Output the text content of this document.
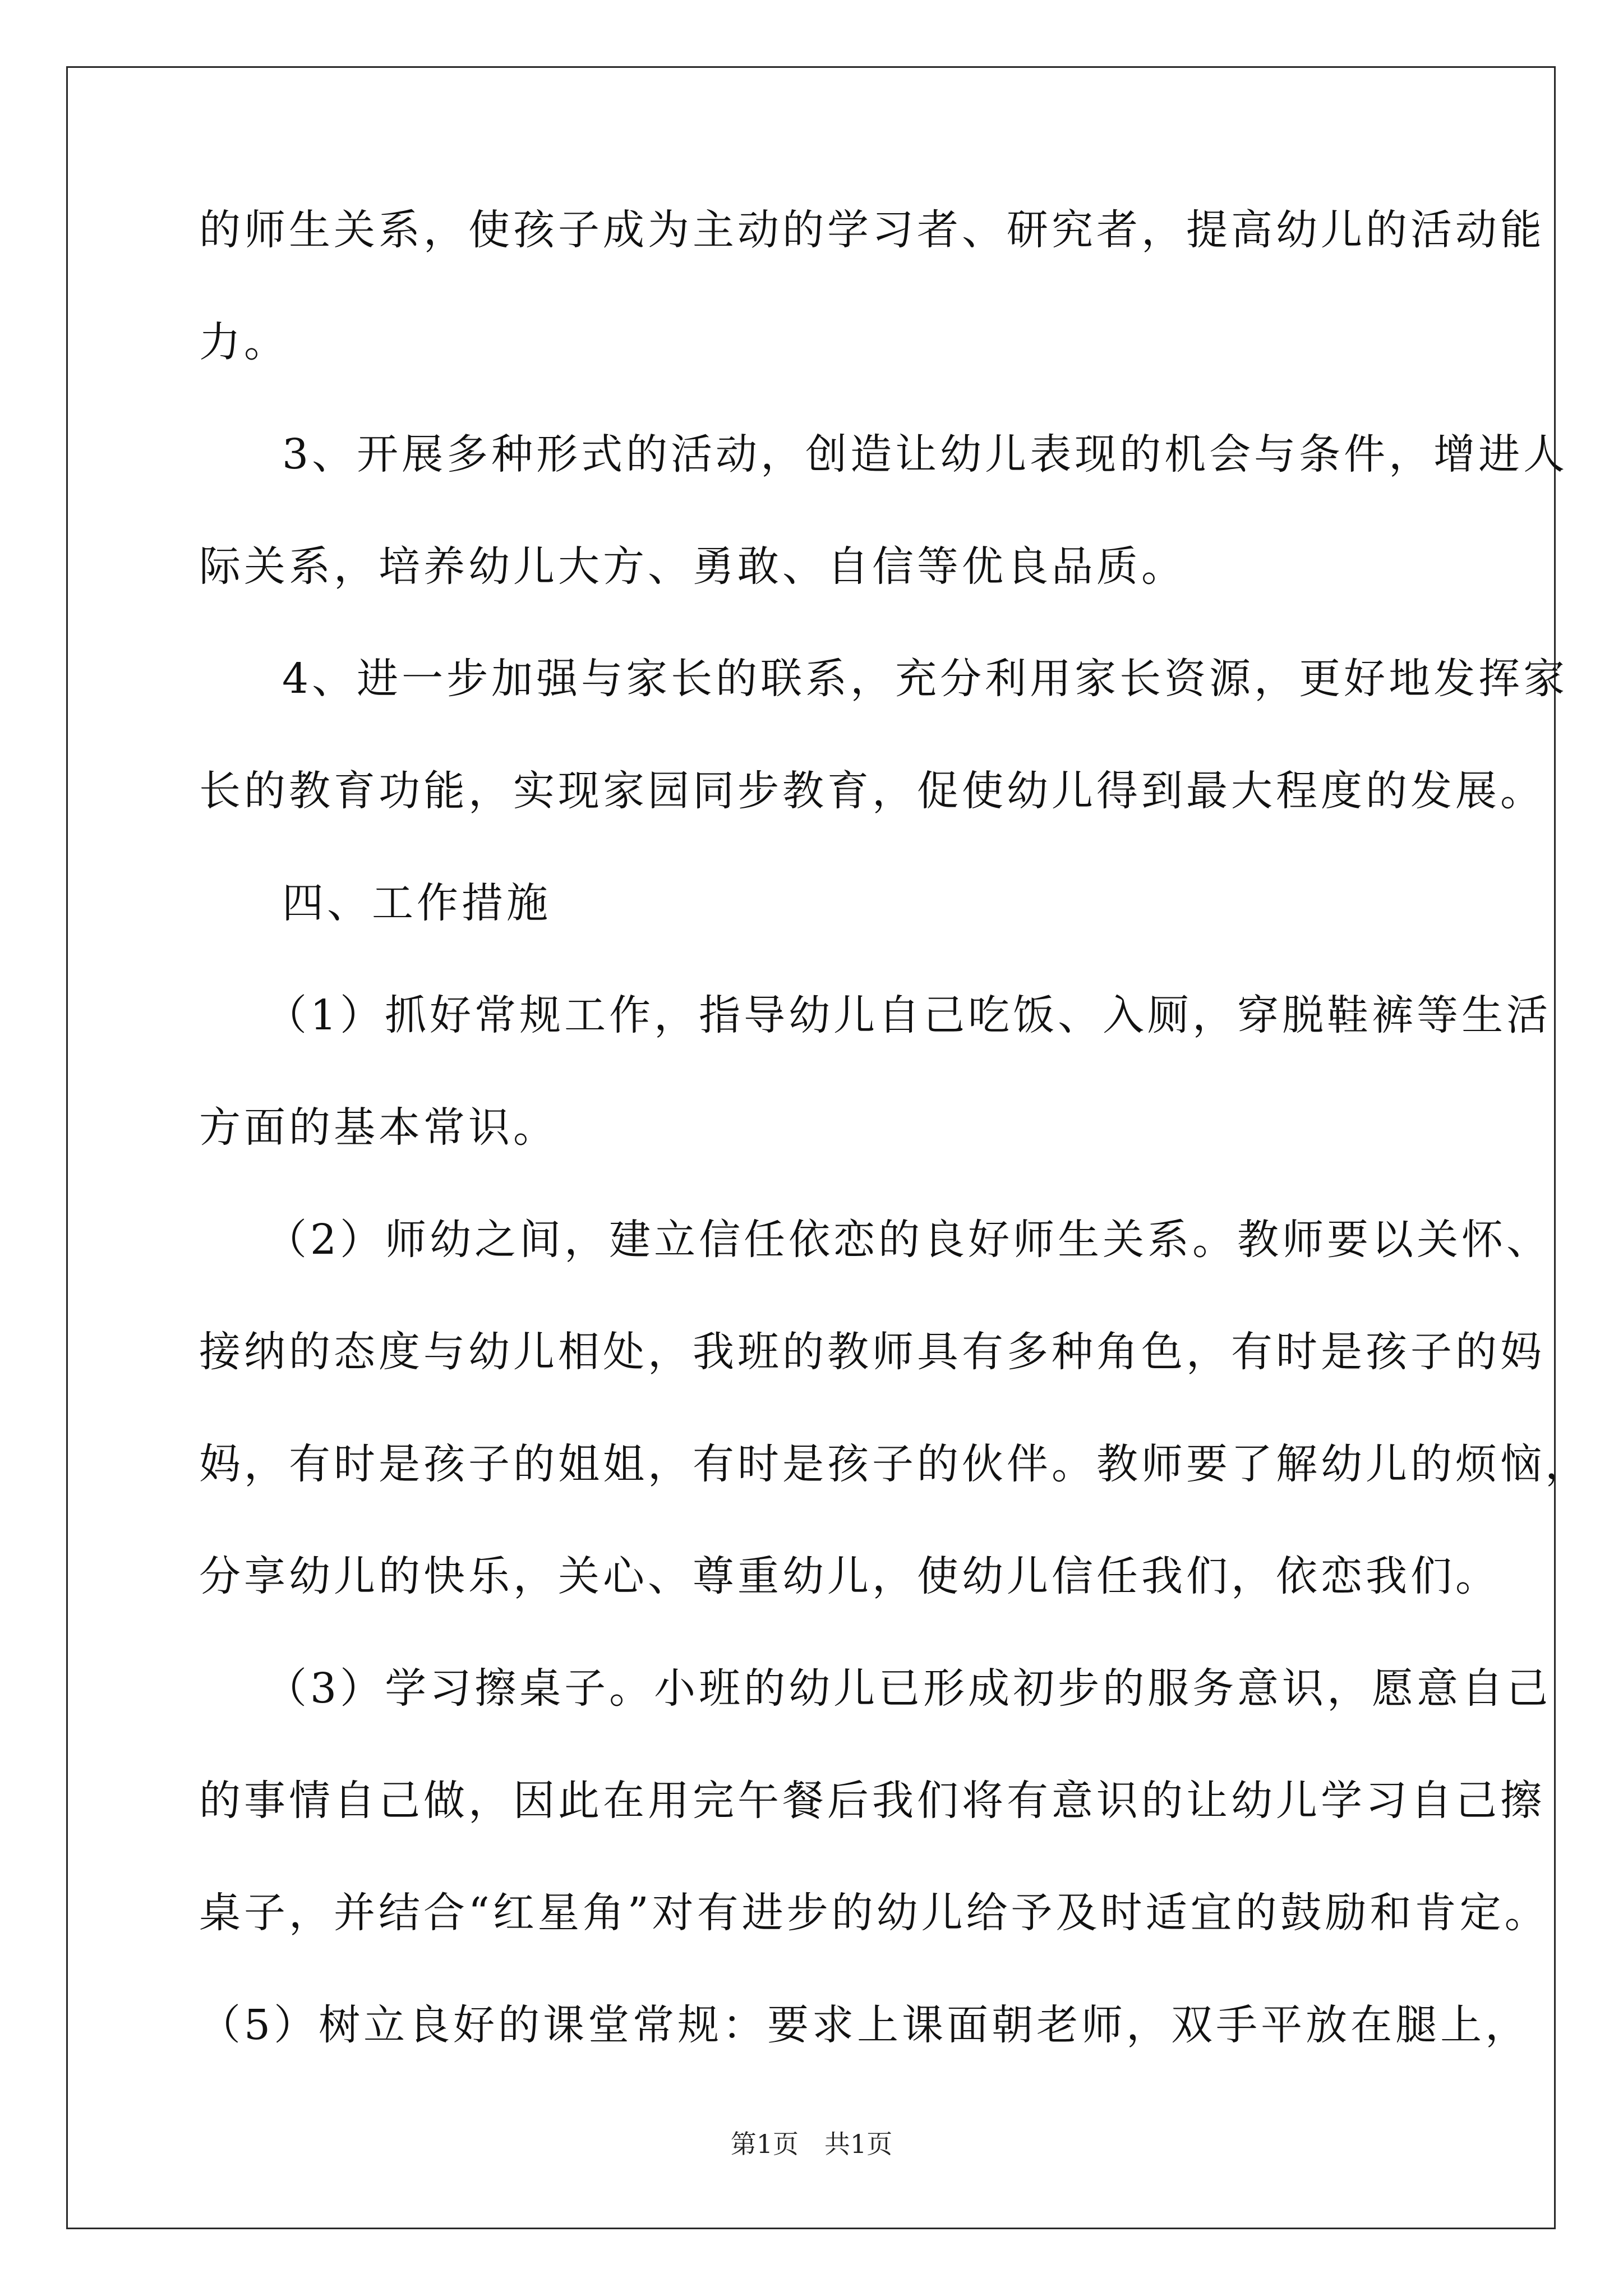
的师生关系，使孩子成为主动的学习者、研究者，提高幼儿的活动能
力。
3、开展多种形式的活动，创造让幼儿表现的机会与条件，增进人
际关系，培养幼儿大方、勇敢、自信等优良品质。
4、进一步加强与家长的联系，充分利用家长资源，更好地发挥家
长的教育功能，实现家园同步教育，促使幼儿得到最大程度的发展。
四、工作措施
（1）抓好常规工作，指导幼儿自己吃饭、入厕，穿脱鞋裤等生活
方面的基本常识。
（2）师幼之间，建立信任依恋的良好师生关系。教师要以关怀、
接纳的态度与幼儿相处，我班的教师具有多种角色，有时是孩子的妈
妈，有时是孩子的姐姐，有时是孩子的伙伴。教师要了解幼儿的烦恼，
分享幼儿的快乐，关心、尊重幼儿，使幼儿信任我们，依恋我们。
（3）学习擦桌子。小班的幼儿已形成初步的服务意识，愿意自己
的事情自己做，因此在用完午餐后我们将有意识的让幼儿学习自己擦
桌子，并结合“红星角”对有进步的幼儿给予及时适宜的鼓励和肯定。
（5）树立良好的课堂常规：要求上课面朝老师，双手平放在腿上，
第1页　共1页
